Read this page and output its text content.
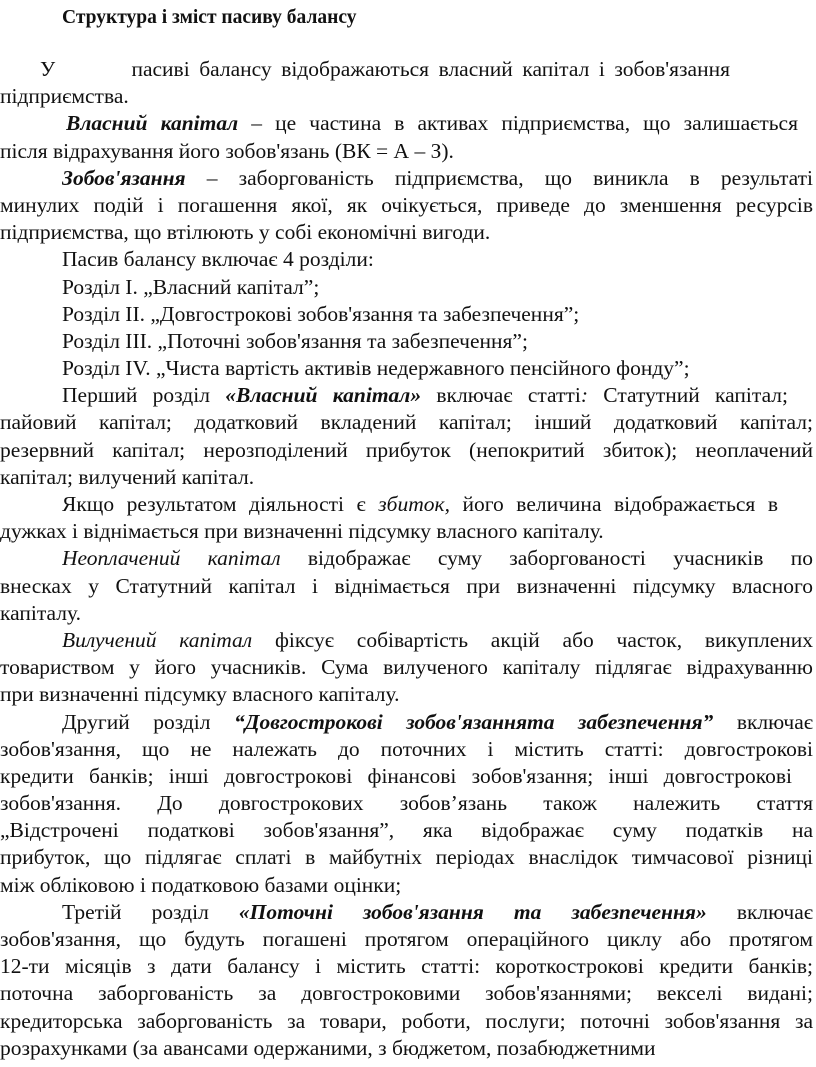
Структура і зміст пасиву балансу
У        пасиві балансу відображаються власний капітал і зобов'язання
підприємства.
Власний капітал – це частина в активах підприємства, що залишається
після відрахування його зобов'язань (ВК = А – З).
Зобов'язання – заборгованість підприємства, що виникла в результаті
минулих подій і погашення якої, як очікується, приведе до зменшення ресурсів
підприємства, що втілюють у собі економічні вигоди.
Пасив балансу включає 4 розділи:
Розділ І. „Власний капітал”;
Розділ ІІ. „Довгострокові зобов'язання та забезпечення”;
Розділ ІІІ. „Поточні зобов'язання та забезпечення”;
Розділ ІV. „Чиста вартість активів недержавного пенсійного фонду”;
Перший розділ «Власний капітал» включає статті: Статутний капітал;
пайовий капітал; додатковий вкладений капітал; інший додатковий капітал;
резервний капітал; нерозподілений прибуток (непокритий збиток); неоплачений
капітал; вилучений капітал.
Якщо результатом діяльності є збиток, його величина відображається в
дужках і віднімається при визначенні підсумку власного капіталу.
Неоплачений капітал відображає суму заборгованості учасників по
внесках у Статутний капітал і віднімається при визначенні підсумку власного
капіталу.
Вилучений капітал фіксує собівартість акцій або часток, викуплених
товариством у його учасників. Сума вилученого капіталу підлягає відрахуванню
при визначенні підсумку власного капіталу.
Другий розділ “Довгострокові зобов'язаннята забезпечення” включає
зобов'язання, що не належать до поточних і містить статті: довгострокові
кредити банків; інші довгострокові фінансові зобов'язання; інші довгострокові
зобов'язання. До довгострокових зобов’язань також належить стаття
„Відстрочені податкові зобов'язання”, яка відображає суму податків на
прибуток, що підлягає сплаті в майбутніх періодах внаслідок тимчасової різниці
між обліковою і податковою базами оцінки;
Третій розділ «Поточні зобов'язання та забезпечення» включає
зобов'язання, що будуть погашені протягом операційного циклу або протягом
12-ти місяців з дати балансу і містить статті: короткострокові кредити банків;
поточна заборгованість за довгостроковими зобов'язаннями; векселі видані;
кредиторська заборгованість за товари, роботи, послуги; поточні зобов'язання за
розрахунками (за авансами одержаними, з бюджетом, позабюджетними
